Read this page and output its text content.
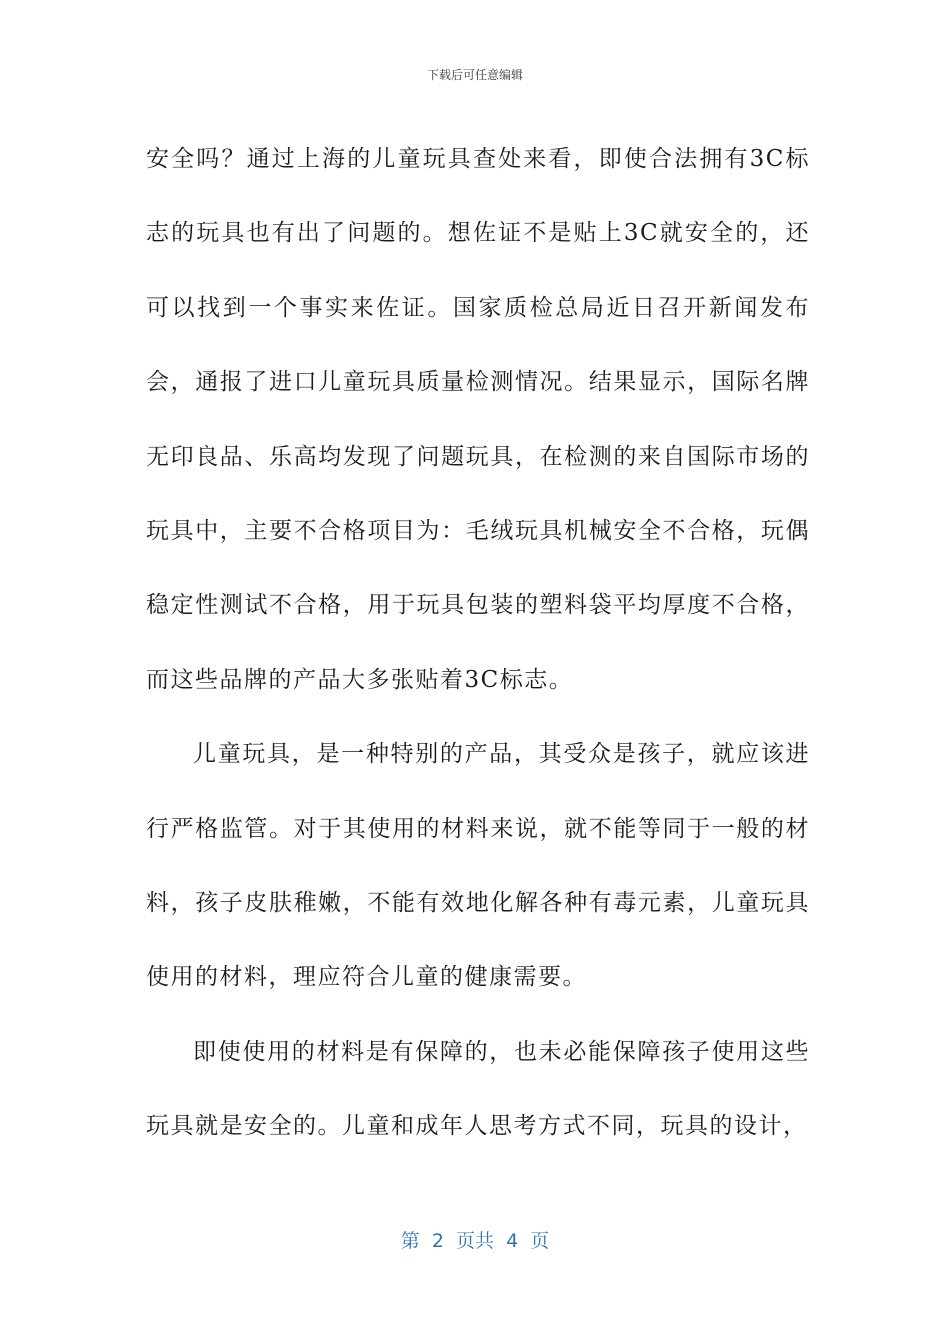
下载后可任意编辑

安全吗？通过上海的儿童玩具查处来看，即使合法拥有3C标志的玩具也有出了问题的。想佐证不是贴上3C就安全的，还可以找到一个事实来佐证。国家质检总局近日召开新闻发布会，通报了进口儿童玩具质量检测情况。结果显示，国际名牌无印良品、乐高均发现了问题玩具，在检测的来自国际市场的玩具中，主要不合格项目为：毛绒玩具机械安全不合格，玩偶稳定性测试不合格，用于玩具包装的塑料袋平均厚度不合格，而这些品牌的产品大多张贴着3C标志。

儿童玩具，是一种特别的产品，其受众是孩子，就应该进行严格监管。对于其使用的材料来说，就不能等同于一般的材料，孩子皮肤稚嫩，不能有效地化解各种有毒元素，儿童玩具使用的材料，理应符合儿童的健康需要。

即使使用的材料是有保障的，也未必能保障孩子使用这些玩具就是安全的。儿童和成年人思考方式不同，玩具的设计，

第  2  页共  4  页
